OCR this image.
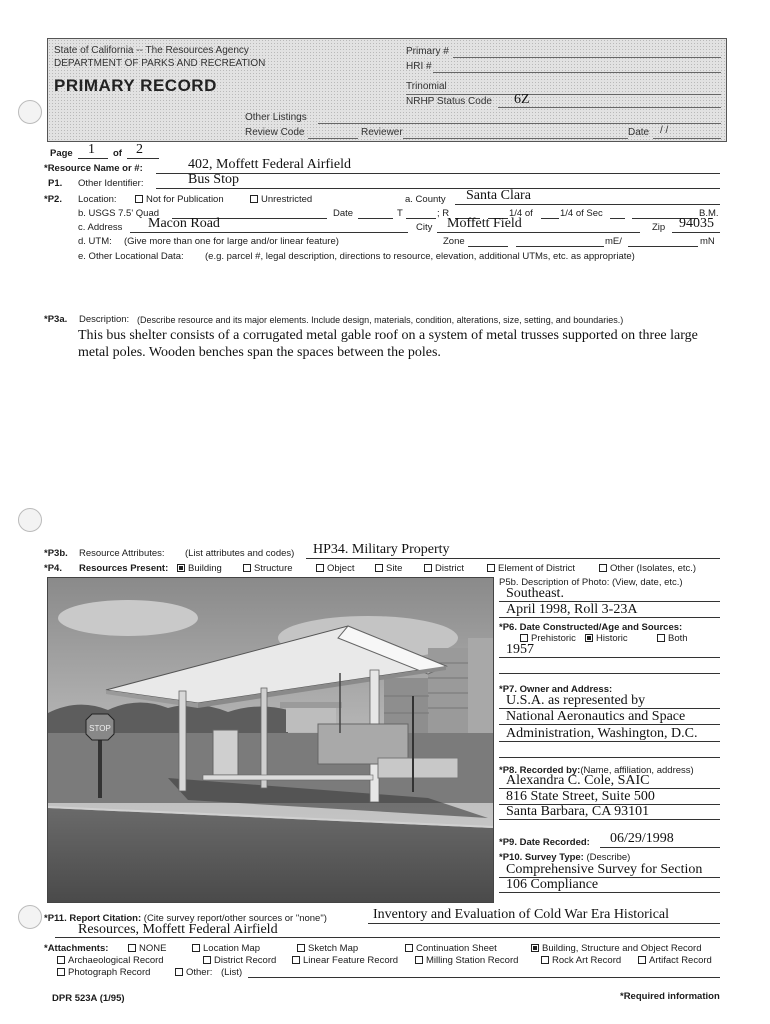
State of California -- The Resources Agency
DEPARTMENT OF PARKS AND RECREATION
PRIMARY RECORD
Primary #
HRI #
Trinomial
NRHP Status Code 6Z
Other Listings
Review Code	Reviewer	Date / /
Page 1 of 2
*Resource Name or #:	402, Moffett Federal Airfield
P1. Other Identifier:	Bus Stop
*P2. Location:	Not for Publication	Unrestricted	a. County Santa Clara
b. USGS 7.5' Quad	Date	T	; R	1/4 of	1/4 of Sec	B.M.
c. Address Macon Road	City Moffett Field	Zip 94035
d. UTM: (Give more than one for large and/or linear feature)	Zone	mE/	mN
e. Other Locational Data: (e.g. parcel #, legal description, directions to resource, elevation, additional UTMs, etc. as appropriate)
*P3a. Description: (Describe resource and its major elements. Include design, materials, condition, alterations, size, setting, and boundaries.)
This bus shelter consists of a corrugated metal gable roof on a system of metal trusses supported on three large
metal poles. Wooden benches span the spaces between the poles.
*P3b. Resource Attributes: (List attributes and codes) HP34. Military Property
*P4. Resources Present:	Building	Structure	Object	Site	District	Element of District	Other (Isolates, etc.)
STOP
P5b. Description of Photo: (View, date, etc.)
Southeast.
April 1998, Roll 3-23A
*P6. Date Constructed/Age and Sources:
Prehistoric	Historic	Both
1957
*P7. Owner and Address:
U.S.A. as represented by
National Aeronautics and Space
Administration, Washington, D.C.
*P8. Recorded by:(Name, affiliation, address)
Alexandra C. Cole, SAIC
816 State Street, Suite 500
Santa Barbara, CA 93101
*P9. Date Recorded: 06/29/1998
*P10. Survey Type: (Describe)
Comprehensive Survey for Section
106 Compliance
*P11. Report Citation: (Cite survey report/other sources or "none")	Inventory and Evaluation of Cold War Era Historical
Resources, Moffett Federal Airfield
*Attachments:	NONE	Location Map	Sketch Map	Continuation Sheet	Building, Structure and Object Record
Archaeological Record	District Record	Linear Feature Record	Milling Station Record	Rock Art Record	Artifact Record
Photograph Record	Other: (List)
DPR 523A (1/95)	*Required information
